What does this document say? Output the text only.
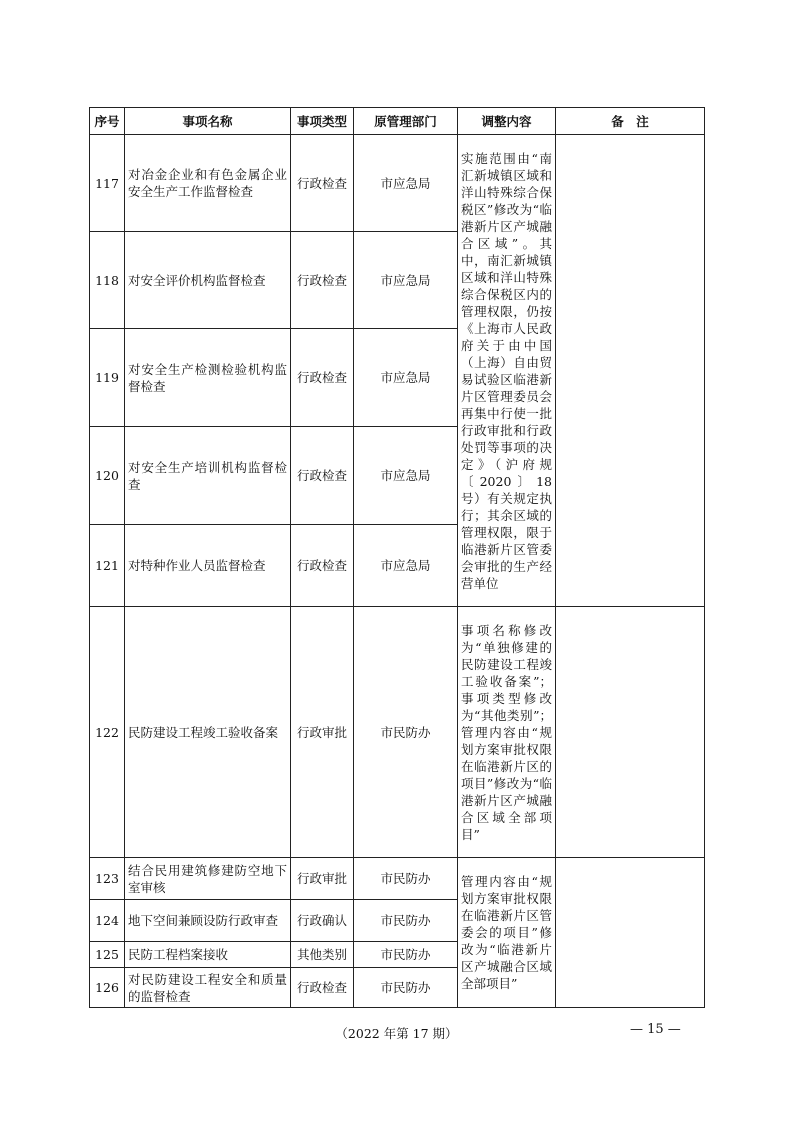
序号	事项名称	事项类型	原管理部门	调整内容	备　注
117	对冶金企业和有色金属企业安全生产工作监督检查	行政检查	市应急局	实施范围由“南汇新城镇区域和洋山特殊综合保税区”修改为“临港新片区产城融合区域”。其中，南汇新城镇区域和洋山特殊综合保税区内的管理权限，仍按《上海市人民政府关于由中国（上海）自由贸易试验区临港新片区管理委员会再集中行使一批行政审批和行政处罚等事项的决定》（沪府规〔2020〕18号）有关规定执行；其余区域的管理权限，限于临港新片区管委会审批的生产经营单位	
118	对安全评价机构监督检查	行政检查	市应急局		
119	对安全生产检测检验机构监督检查	行政检查	市应急局		
120	对安全生产培训机构监督检查	行政检查	市应急局		
121	对特种作业人员监督检查	行政检查	市应急局		
122	民防建设工程竣工验收备案	行政审批	市民防办	事项名称修改为“单独修建的民防建设工程竣工验收备案”；事项类型修改为“其他类别”；管理内容由“规划方案审批权限在临港新片区的项目”修改为“临港新片区产城融合区域全部项目”	
123	结合民用建筑修建防空地下室审核	行政审批	市民防办	管理内容由“规划方案审批权限在临港新片区管委会的项目”修改为“临港新片区产城融合区域全部项目”	
124	地下空间兼顾设防行政审查	行政确认	市民防办		
125	民防工程档案接收	其他类别	市民防办		
126	对民防建设工程安全和质量的监督检查	行政检查	市民防办		
（2022 年第 17 期）	— 15 —
